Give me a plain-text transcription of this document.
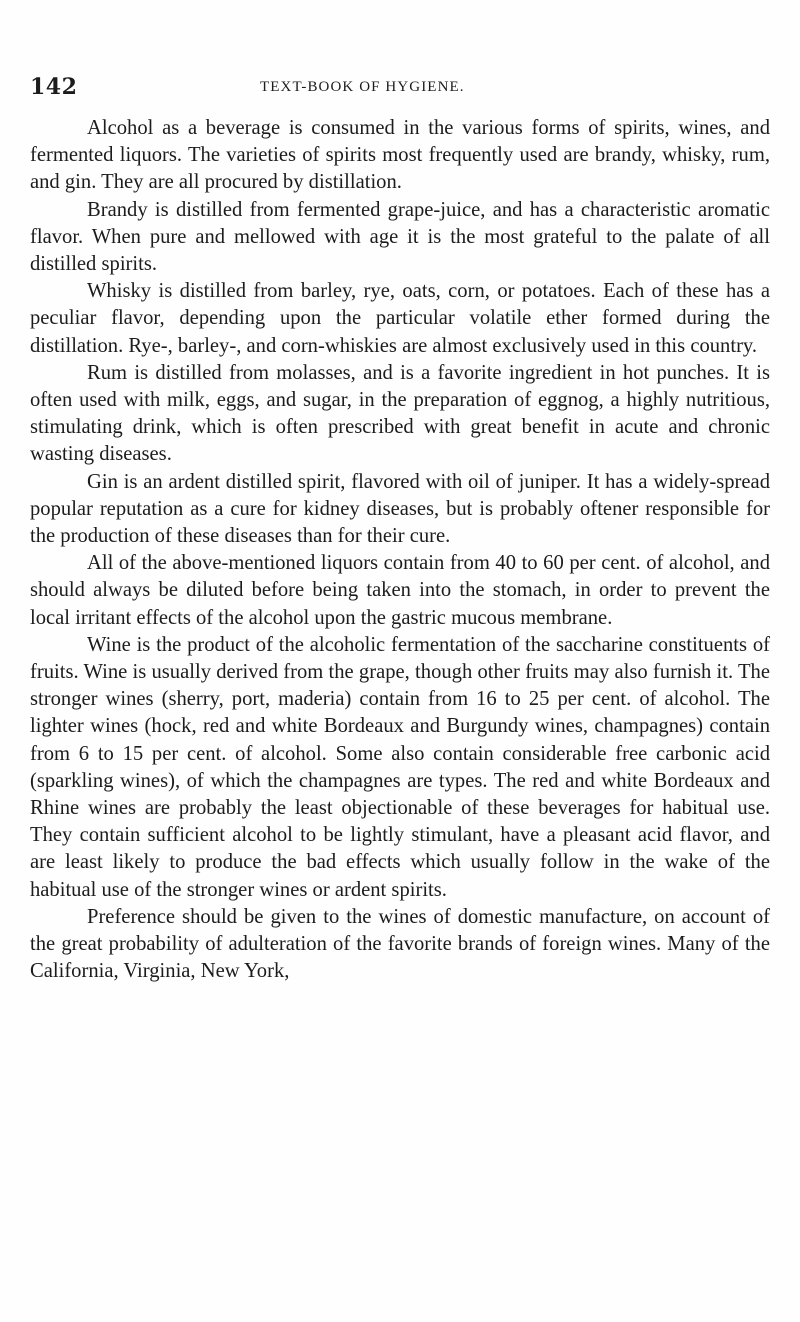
142	TEXT-BOOK OF HYGIENE.

Alcohol as a beverage is consumed in the various forms of spirits, wines, and fermented liquors. The varieties of spirits most frequently used are brandy, whisky, rum, and gin. They are all procured by distillation.

Brandy is distilled from fermented grape-juice, and has a characteristic aromatic flavor. When pure and mellowed with age it is the most grateful to the palate of all distilled spirits.

Whisky is distilled from barley, rye, oats, corn, or potatoes. Each of these has a peculiar flavor, depending upon the particular volatile ether formed during the distillation. Rye-, barley-, and corn-whiskies are almost exclusively used in this country.

Rum is distilled from molasses, and is a favorite ingredient in hot punches. It is often used with milk, eggs, and sugar, in the preparation of eggnog, a highly nutritious, stimulating drink, which is often prescribed with great benefit in acute and chronic wasting diseases.

Gin is an ardent distilled spirit, flavored with oil of juniper. It has a widely-spread popular reputation as a cure for kidney diseases, but is probably oftener responsible for the production of these diseases than for their cure.

All of the above-mentioned liquors contain from 40 to 60 per cent. of alcohol, and should always be diluted before being taken into the stomach, in order to prevent the local irritant effects of the alcohol upon the gastric mucous membrane.

Wine is the product of the alcoholic fermentation of the saccharine constituents of fruits. Wine is usually derived from the grape, though other fruits may also furnish it. The stronger wines (sherry, port, maderia) contain from 16 to 25 per cent. of alcohol. The lighter wines (hock, red and white Bordeaux and Burgundy wines, champagnes) contain from 6 to 15 per cent. of alcohol. Some also contain considerable free carbonic acid (sparkling wines), of which the champagnes are types. The red and white Bordeaux and Rhine wines are probably the least objectionable of these beverages for habitual use. They contain sufficient alcohol to be lightly stimulant, have a pleasant acid flavor, and are least likely to produce the bad effects which usually follow in the wake of the habitual use of the stronger wines or ardent spirits.

Preference should be given to the wines of domestic manufacture, on account of the great probability of adulteration of the favorite brands of foreign wines. Many of the California, Virginia, New York,
